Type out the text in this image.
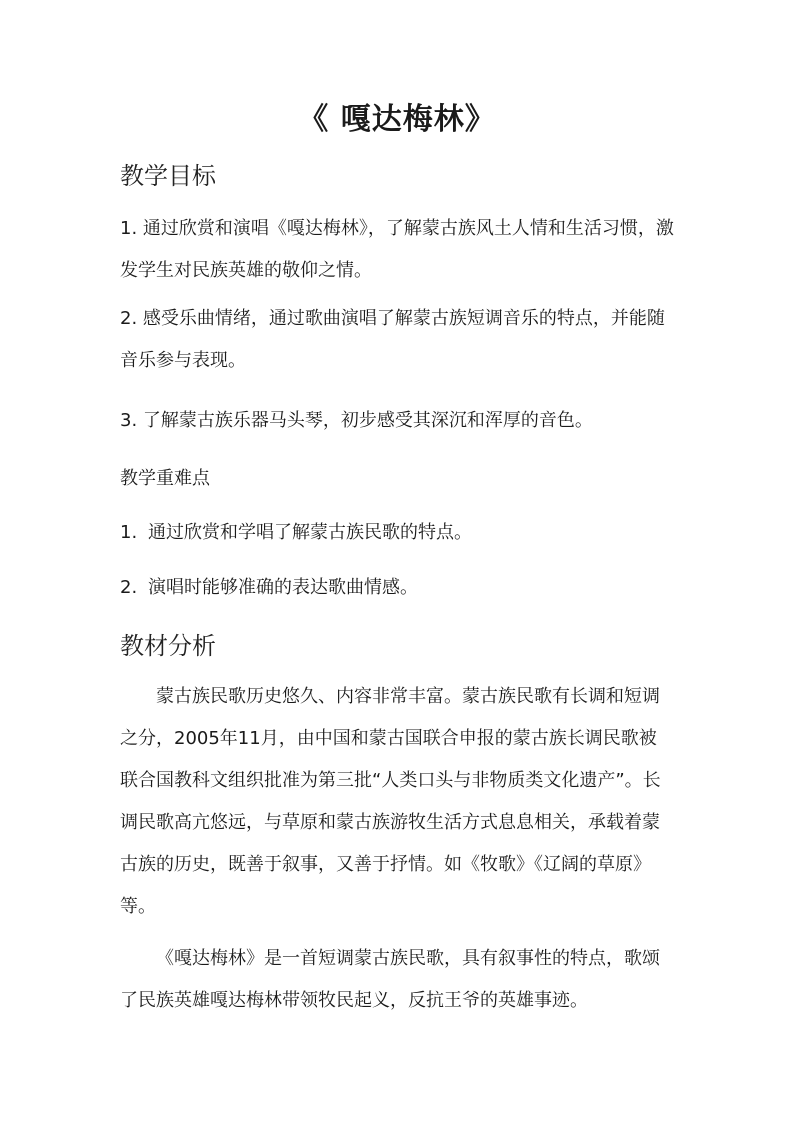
《 嘎达梅林》
教学目标

1. 通过欣赏和演唱《嘎达梅林》，了解蒙古族风土人情和生活习惯，激发学生对民族英雄的敬仰之情。

2. 感受乐曲情绪，通过歌曲演唱了解蒙古族短调音乐的特点，并能随音乐参与表现。

3. 了解蒙古族乐器马头琴，初步感受其深沉和浑厚的音色。

教学重难点

1. 通过欣赏和学唱了解蒙古族民歌的特点。

2. 演唱时能够准确的表达歌曲情感。

教材分析

蒙古族民歌历史悠久、内容非常丰富。蒙古族民歌有长调和短调之分，2005年11月，由中国和蒙古国联合申报的蒙古族长调民歌被联合国教科文组织批准为第三批“人类口头与非物质类文化遗产”。长调民歌高亢悠远，与草原和蒙古族游牧生活方式息息相关，承载着蒙古族的历史，既善于叙事，又善于抒情。如《牧歌》《辽阔的草原》等。

《嘎达梅林》是一首短调蒙古族民歌，具有叙事性的特点，歌颂了民族英雄嘎达梅林带领牧民起义，反抗王爷的英雄事迹。
